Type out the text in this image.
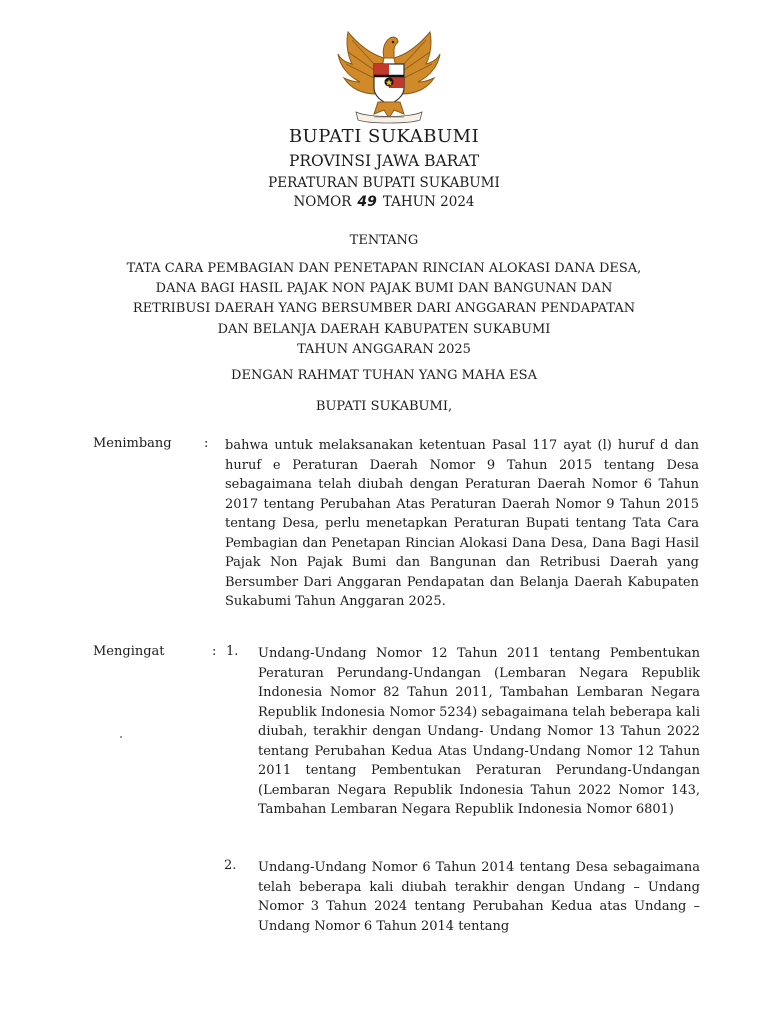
BUPATI SUKABUMI
PROVINSI JAWA BARAT
PERATURAN BUPATI SUKABUMI
NOMOR 49 TAHUN 2024
TENTANG
TATA CARA PEMBAGIAN DAN PENETAPAN RINCIAN ALOKASI DANA DESA,
DANA BAGI HASIL PAJAK NON PAJAK BUMI DAN BANGUNAN DAN
RETRIBUSI DAERAH YANG BERSUMBER DARI ANGGARAN PENDAPATAN
DAN BELANJA DAERAH KABUPATEN SUKABUMI
TAHUN ANGGARAN 2025
DENGAN RAHMAT TUHAN YANG MAHA ESA
BUPATI SUKABUMI,
Menimbang : bahwa untuk melaksanakan ketentuan Pasal 117 ayat (l) huruf d dan huruf e Peraturan Daerah Nomor 9 Tahun 2015 tentang Desa sebagaimana telah diubah dengan Peraturan Daerah Nomor 6 Tahun 2017 tentang Perubahan Atas Peraturan Daerah Nomor 9 Tahun 2015 tentang Desa, perlu menetapkan Peraturan Bupati tentang Tata Cara Pembagian dan Penetapan Rincian Alokasi Dana Desa, Dana Bagi Hasil Pajak Non Pajak Bumi dan Bangunan dan Retribusi Daerah yang Bersumber Dari Anggaran Pendapatan dan Belanja Daerah Kabupaten Sukabumi Tahun Anggaran 2025.
Mengingat	: 1. Undang-Undang Nomor 12 Tahun 2011 tentang Pembentukan Peraturan Perundang-Undangan (Lembaran Negara Republik Indonesia Nomor 82 Tahun 2011, Tambahan Lembaran Negara Republik Indonesia Nomor 5234) sebagaimana telah beberapa kali diubah, terakhir dengan Undang- Undang Nomor 13 Tahun 2022 tentang Perubahan Kedua Atas Undang-Undang Nomor 12 Tahun 2011 tentang Pembentukan Peraturan Perundang-Undangan (Lembaran Negara Republik Indonesia Tahun 2022 Nomor 143, Tambahan Lembaran Negara Republik Indonesia Nomor 6801)
2. Undang-Undang Nomor 6 Tahun 2014 tentang Desa sebagaimana telah beberapa kali diubah terakhir dengan Undang – Undang Nomor 3 Tahun 2024 tentang Perubahan Kedua atas Undang – Undang Nomor 6 Tahun 2014 tentang
